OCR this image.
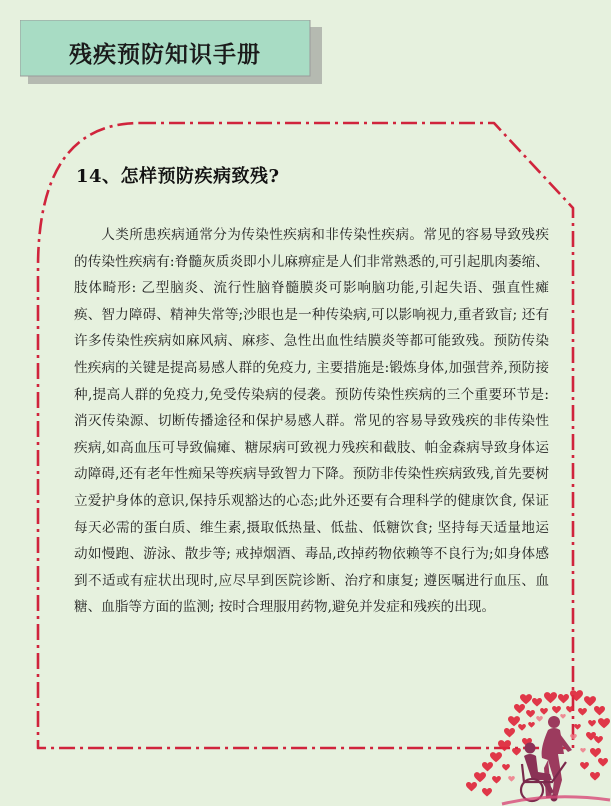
残疾预防知识手册
14、怎样预防疾病致残?

人类所患疾病通常分为传染性疾病和非传染性疾病。常见的容易导致残疾的传染性疾病有:脊髓灰质炎即小儿麻痹症是人们非常熟悉的,可引起肌肉萎缩、肢体畸形: 乙型脑炎、流行性脑脊髓膜炎可影响脑功能,引起失语、强直性瘫痪、智力障碍、精神失常等;沙眼也是一种传染病,可以影响视力,重者致盲; 还有许多传染性疾病如麻风病、麻疹、急性出血性结膜炎等都可能致残。预防传染性疾病的关键是提高易感人群的免疫力, 主要措施是:锻炼身体,加强营养,预防接种,提高人群的免疫力,免受传染病的侵袭。预防传染性疾病的三个重要环节是:消灭传染源、切断传播途径和保护易感人群。常见的容易导致残疾的非传染性疾病,如高血压可导致偏瘫、糖尿病可致视力残疾和截肢、帕金森病导致身体运动障碍,还有老年性痴呆等疾病导致智力下降。预防非传染性疾病致残,首先要树立爱护身体的意识,保持乐观豁达的心态;此外还要有合理科学的健康饮食, 保证每天必需的蛋白质、维生素,摄取低热量、低盐、低糖饮食; 坚持每天适量地运动如慢跑、游泳、散步等; 戒掉烟酒、毒品,改掉药物依赖等不良行为;如身体感到不适或有症状出现时,应尽早到医院诊断、治疗和康复; 遵医嘱进行血压、血糖、血脂等方面的监测; 按时合理服用药物,避免并发症和残疾的出现。
